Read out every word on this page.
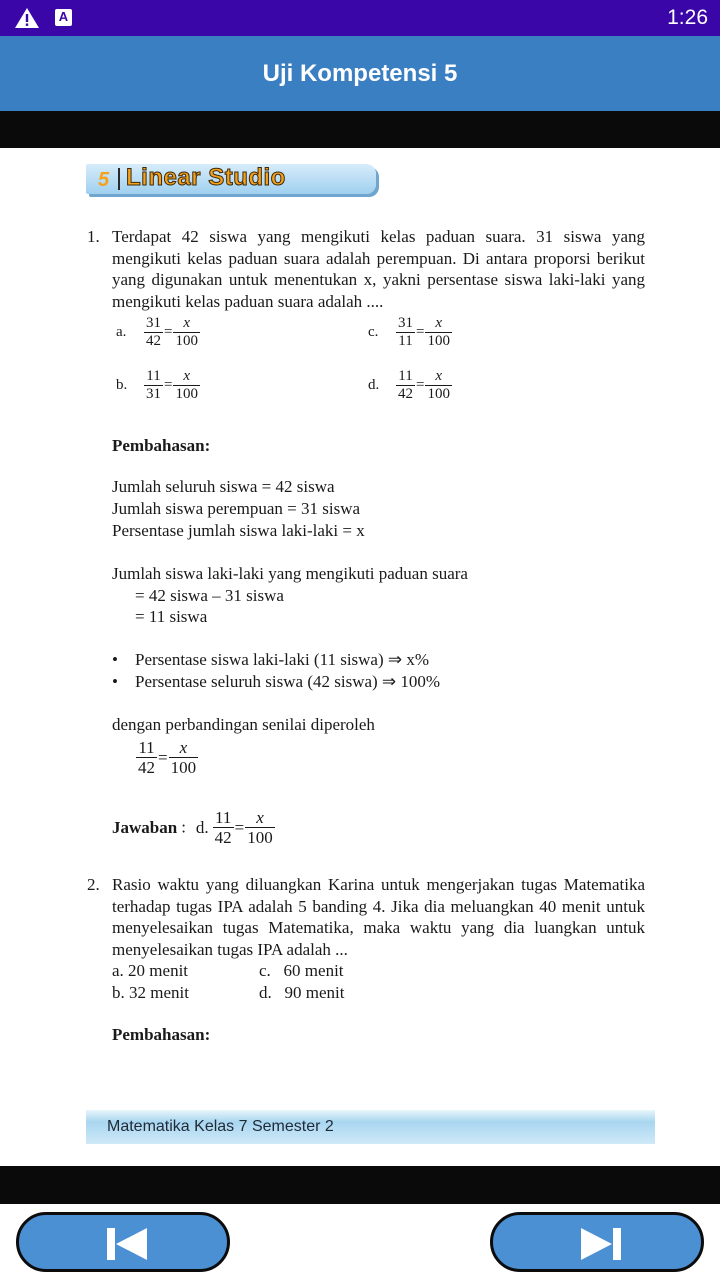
A	1:26
Uji Kompetensi 5
5 Linear Studio
1. Terdapat 42 siswa yang mengikuti kelas paduan suara. 31 siswa yang mengikuti kelas paduan suara adalah perempuan. Di antara proporsi berikut yang digunakan untuk menentukan x, yakni persentase siswa laki-laki yang mengikuti kelas paduan suara adalah ....
a. $\frac{31}{42} = \frac{x}{100}$
b. $\frac{11}{31} = \frac{x}{100}$
c. $\frac{31}{11} = \frac{x}{100}$
d. $\frac{11}{42} = \frac{x}{100}$
Pembahasan:
Jumlah seluruh siswa = 42 siswa
Jumlah siswa perempuan = 31 siswa
Persentase jumlah siswa laki-laki = x
Jumlah siswa laki-laki yang mengikuti paduan suara
= 42 siswa – 31 siswa
= 11 siswa
• Persentase siswa laki-laki (11 siswa) ⇒ x%
• Persentase seluruh siswa (42 siswa) ⇒ 100%
dengan perbandingan senilai diperoleh
$\frac{11}{42} = \frac{x}{100}$
Jawaban : d. $\frac{11}{42} = \frac{x}{100}$
2. Rasio waktu yang diluangkan Karina untuk mengerjakan tugas Matematika terhadap tugas IPA adalah 5 banding 4. Jika dia meluangkan 40 menit untuk menyelesaikan tugas Matematika, maka waktu yang dia luangkan untuk menyelesaikan tugas IPA adalah ...
a. 20 menit
b. 32 menit
c. 60 menit
d. 90 menit
Pembahasan:
Matematika Kelas 7 Semester 2
